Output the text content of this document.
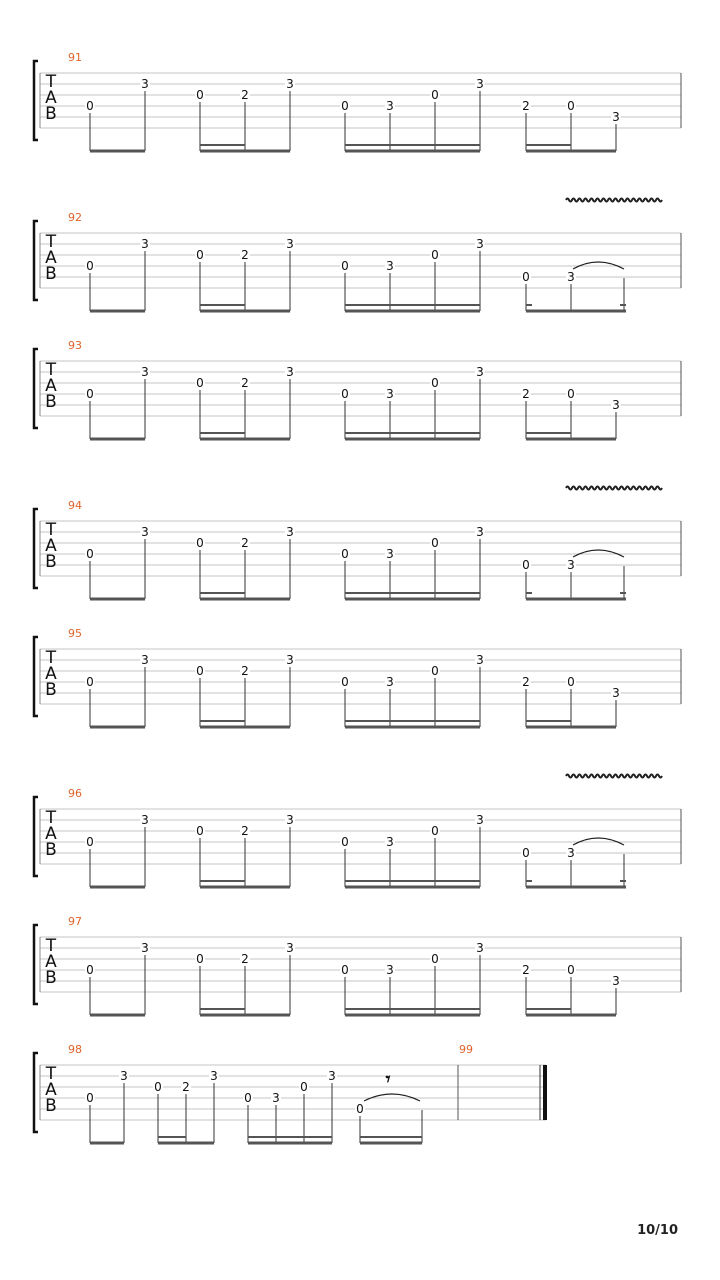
T
A
B
91
0
3
0	2
3
0	3
0
3
2	0
3
T
A
B
92
0
3
0	2
3
0	3
0
3
0	3
T
A
B
93
0
3
0	2
3
0	3
0
3
2	0
3
T
A
B
94
0
3
0	2
3
0	3
0
3
0	3
T
A
B
95
0
3
0	2
3
0	3
0
3
2	0
3
T
A
B
96
0
3
0	2
3
0	3
0
3
0	3
T
A
B
97
0
3
0	2
3
0	3
0
3
2	0
3
T
A
B
98	99
0
3
0 2
3
0 3
0
3
0
𝄾
10/10
